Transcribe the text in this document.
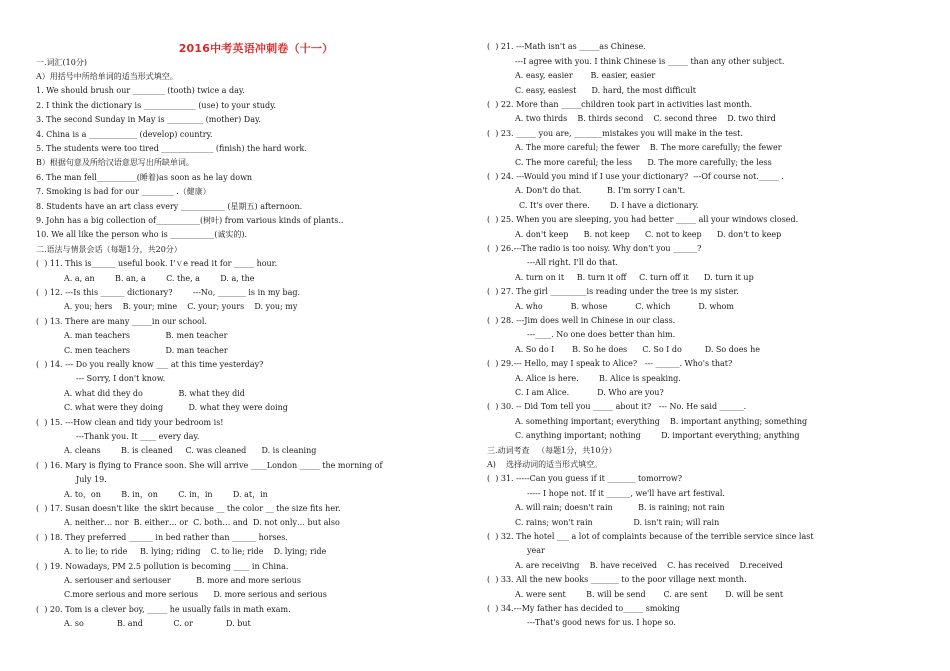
2016中考英语冲刺卷（十一）
一.词汇(10分)
A）用括号中所给单词的适当形式填空。
1. We should brush our ________ (tooth) twice a day.
2. I think the dictionary is _____________ (use) to your study.
3. The second Sunday in May is _________ (mother) Day.
4. China is a ____________ (develop) country.
5. The students were too tired _____________ (finish) the hard work.
B）根据句意及所给汉语意思写出所缺单词。
6. The man fell__________(睡着)as soon as he lay down
7. Smoking is bad for our ________ .（健康）
8. Students have an art class every ___________ (星期五) afternoon.
9. John has a big collection of___________(树叶) from various kinds of plants..
10. We all like the person who is ___________(诚实的).
二.语法与情景会话（每题1分，共20分）
(  ) 11. This is______ useful book. I'ｖe read it for _____ hour.
A. a, an        B. an, a        C. the, a        D. a, the
(  ) 12. ---Is this ______ dictionary?        ---No, _______ is in my bag.
A. you; hers    B. your; mine    C. your; yours    D. you; my
(  ) 13. There are many _____in our school.
A. man teachers              B. men teacher
C. men teachers              D. man teacher
(  ) 14. --- Do you really know ___ at this time yesterday?
--- Sorry, I don't know.
A. what did they do              B. what they did
C. what were they doing          D. what they were doing
(  ) 15. ---How clean and tidy your bedroom is!
---Thank you. It ____ every day.
A. cleans        B. is cleaned     C. was cleaned      D. is cleaning
(  ) 16. Mary is flying to France soon. She will arrive ____London _____ the morning of
July 19.
A. to，on        B. in，on        C. in，in        D. at，in
(  ) 17. Susan doesn't like  the skirt because __ the color __ the size fits her.
A. neither… nor  B. either… or  C. both… and  D. not only… but also
(  ) 18. They preferred ______ in bed rather than ______ horses.
A. to lie; to ride     B. lying; riding    C. to lie; ride    D. lying; ride
(  ) 19. Nowadays, PM 2.5 pollution is becoming ____ in China.
A. seriouser and seriouser          B. more and more serious
C.more serious and more serious      D. more serious and serious
(  ) 20. Tom is a clever boy, _____ he usually fails in math exam.
A. so             B. and            C. or             D. but
(  ) 21. ---Math isn't as _____as Chinese.
---I agree with you. I think Chinese is _____ than any other subject.
A. easy, easier       B. easier, easier
C. easy, easiest      D. hard, the most difficult
(  ) 22. More than _____children took part in activities last month.
A. two thirds    B. thirds second    C. second three    D. two third
(  ) 23. _____ you are, _______mistakes you will make in the test.
A. The more careful; the fewer    B. The more carefully; the fewer
C. The more careful; the less      D. The more carefully; the less
(  ) 24. ---Would you mind if I use your dictionary?  ---Of course not._____ .
A. Don't do that.          B. I'm sorry I can't.
C. It's over there.        D. I have a dictionary.
(  ) 25. When you are sleeping, you had better _____ all your windows closed.
A. don't keep      B. not keep      C. not to keep      D. don't to keep
(  ) 26.---The radio is too noisy. Why don't you ______?
---All right. I'll do that.
A. turn on it     B. turn it off     C. turn off it      D. turn it up
(  ) 27. The girl _________is reading under the tree is my sister.
A. who           B. whose           C. which           D. whom
(  ) 28. ---Jim does well in Chinese in our class.
---____. No one does better than him.
A. So do I       B. So he does      C. So I do         D. So does he
(  ) 29.--- Hello, may I speak to Alice?   --- ______. Who's that?
A. Alice is here.        B. Alice is speaking.
C. I am Alice.           D. Who are you?
(  ) 30. -- Did Tom tell you _____ about it?   --- No. He said ______.
A. something important; everything    B. important anything; something
C. anything important; nothing        D. important everything; anything
三.动词考查   （每题1分，共10分）
A)    选择动词的适当形式填空。
(  ) 31. -----Can you guess if it _______ tomorrow?
----- I hope not. If it ______, we'll have art festival.
A. will rain; doesn't rain          B. is raining; not rain
C. rains; won't rain                D. isn't rain; will rain
(  ) 32. The hotel ___ a lot of complaints because of the terrible service since last
year
A. are receiving    B. have received    C. has received    D.received
(  ) 33. All the new books _______ to the poor village next month.
A. were sent        B. will be send       C. are sent       D. will be sent
(  ) 34.---My father has decided to_____ smoking
---That's good news for us. I hope so.
